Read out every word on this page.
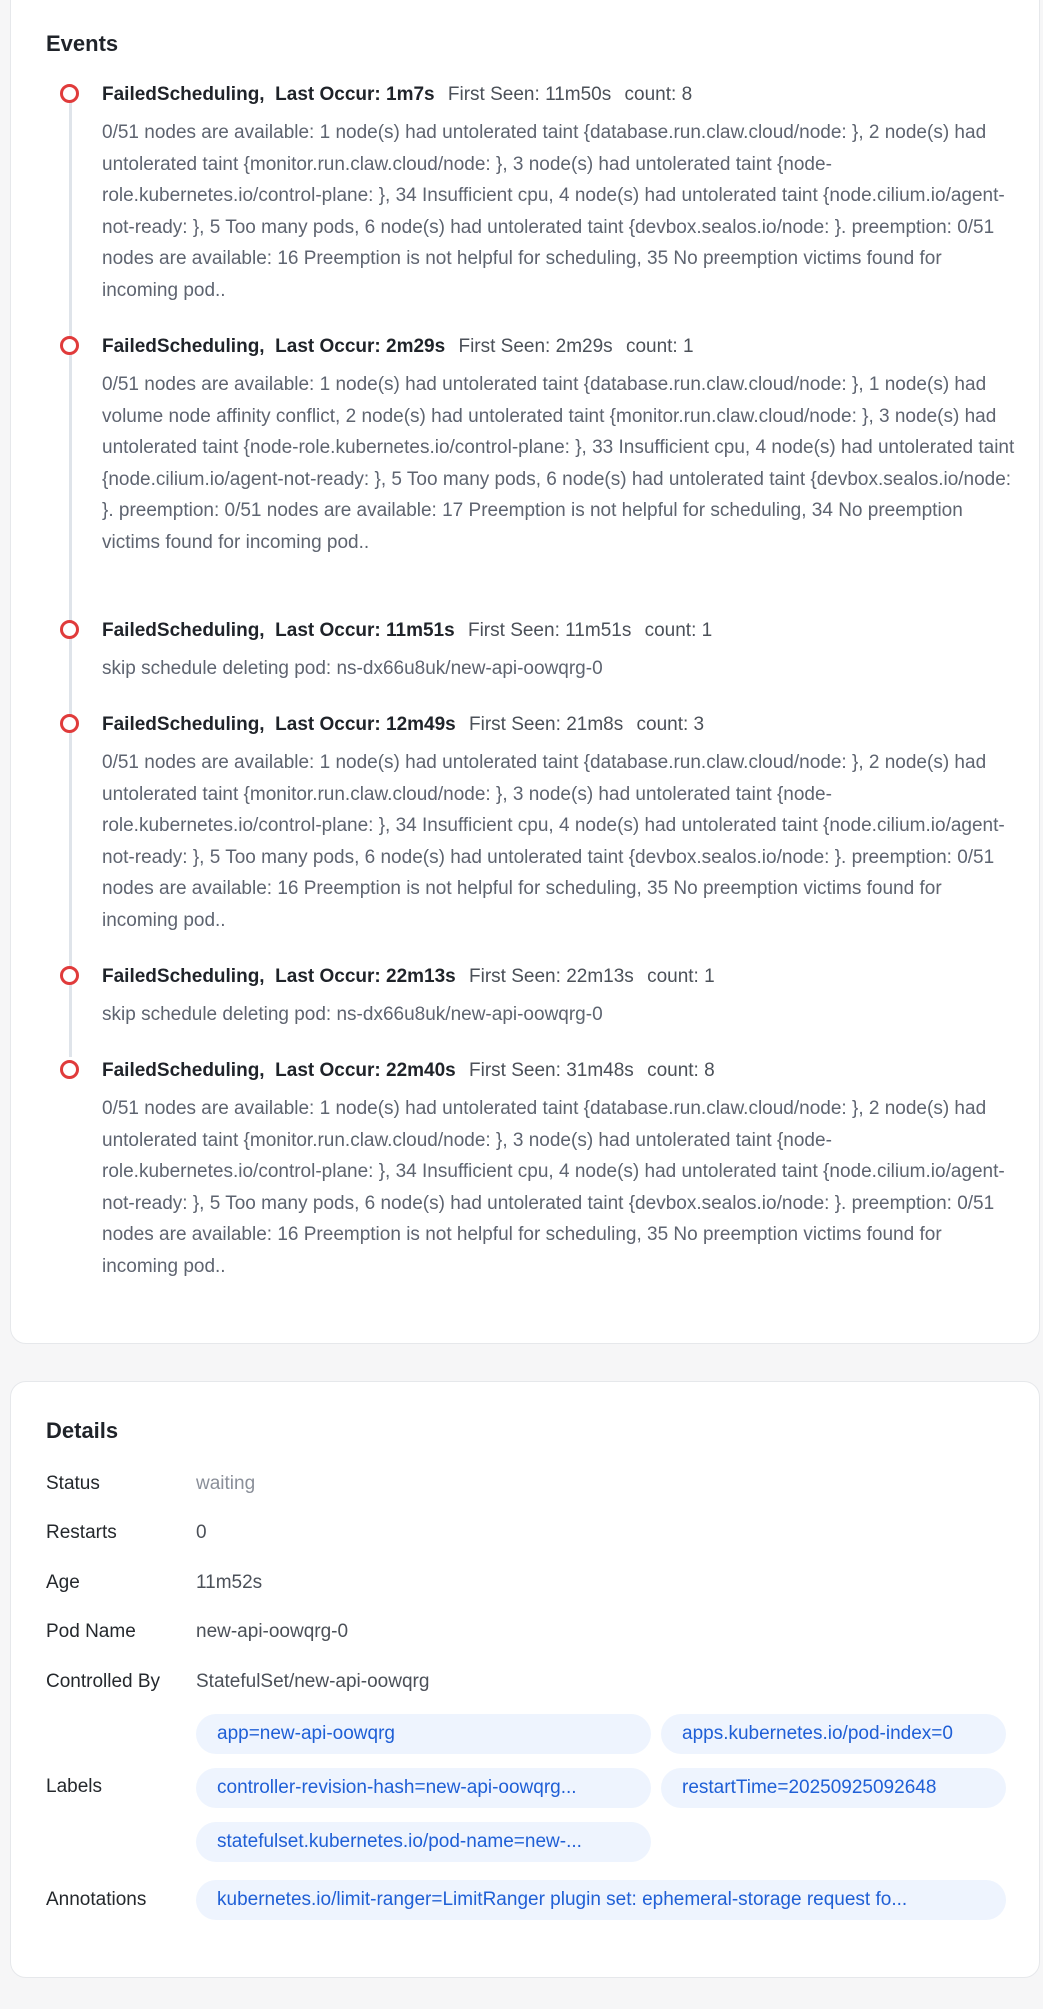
Events
FailedScheduling, Last Occur: 1m7s First Seen: 11m50s count: 8
0/51 nodes are available: 1 node(s) had untolerated taint {database.run.claw.cloud/node: }, 2 node(s) had untolerated taint {monitor.run.claw.cloud/node: }, 3 node(s) had untolerated taint {node-role.kubernetes.io/control-plane: }, 34 Insufficient cpu, 4 node(s) had untolerated taint {node.cilium.io/agent-not-ready: }, 5 Too many pods, 6 node(s) had untolerated taint {devbox.sealos.io/node: }. preemption: 0/51 nodes are available: 16 Preemption is not helpful for scheduling, 35 No preemption victims found for incoming pod..
FailedScheduling, Last Occur: 2m29s First Seen: 2m29s count: 1
0/51 nodes are available: 1 node(s) had untolerated taint {database.run.claw.cloud/node: }, 1 node(s) had volume node affinity conflict, 2 node(s) had untolerated taint {monitor.run.claw.cloud/node: }, 3 node(s) had untolerated taint {node-role.kubernetes.io/control-plane: }, 33 Insufficient cpu, 4 node(s) had untolerated taint {node.cilium.io/agent-not-ready: }, 5 Too many pods, 6 node(s) had untolerated taint {devbox.sealos.io/node: }. preemption: 0/51 nodes are available: 17 Preemption is not helpful for scheduling, 34 No preemption victims found for incoming pod..
FailedScheduling, Last Occur: 11m51s First Seen: 11m51s count: 1
skip schedule deleting pod: ns-dx66u8uk/new-api-oowqrg-0
FailedScheduling, Last Occur: 12m49s First Seen: 21m8s count: 3
0/51 nodes are available: 1 node(s) had untolerated taint {database.run.claw.cloud/node: }, 2 node(s) had untolerated taint {monitor.run.claw.cloud/node: }, 3 node(s) had untolerated taint {node-role.kubernetes.io/control-plane: }, 34 Insufficient cpu, 4 node(s) had untolerated taint {node.cilium.io/agent-not-ready: }, 5 Too many pods, 6 node(s) had untolerated taint {devbox.sealos.io/node: }. preemption: 0/51 nodes are available: 16 Preemption is not helpful for scheduling, 35 No preemption victims found for incoming pod..
FailedScheduling, Last Occur: 22m13s First Seen: 22m13s count: 1
skip schedule deleting pod: ns-dx66u8uk/new-api-oowqrg-0
FailedScheduling, Last Occur: 22m40s First Seen: 31m48s count: 8
0/51 nodes are available: 1 node(s) had untolerated taint {database.run.claw.cloud/node: }, 2 node(s) had untolerated taint {monitor.run.claw.cloud/node: }, 3 node(s) had untolerated taint {node-role.kubernetes.io/control-plane: }, 34 Insufficient cpu, 4 node(s) had untolerated taint {node.cilium.io/agent-not-ready: }, 5 Too many pods, 6 node(s) had untolerated taint {devbox.sealos.io/node: }. preemption: 0/51 nodes are available: 16 Preemption is not helpful for scheduling, 35 No preemption victims found for incoming pod..
Details
Status	waiting
Restarts	0
Age	11m52s
Pod Name	new-api-oowqrg-0
Controlled By StatefulSet/new-api-oowqrg
Labels
app=new-api-oowqrg	apps.kubernetes.io/pod-index=0
controller-revision-hash=new-api-oowqrg...	restartTime=20250925092648
statefulset.kubernetes.io/pod-name=new-...
Annotations	kubernetes.io/limit-ranger=LimitRanger plugin set: ephemeral-storage request fo...
